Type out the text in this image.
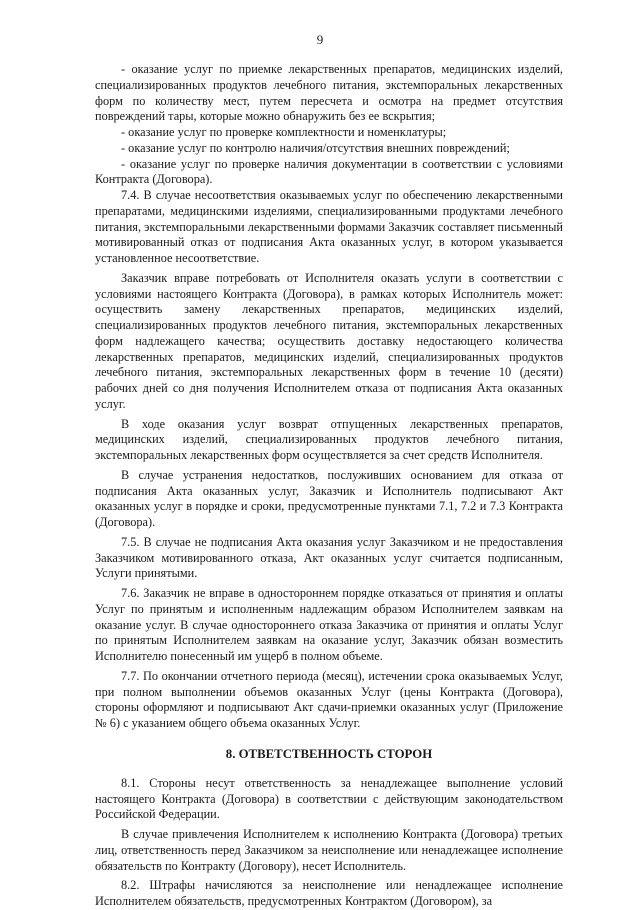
9

- оказание услуг по приемке лекарственных препаратов, медицинских изделий, специализированных продуктов лечебного питания, экстемпоральных лекарственных форм по количеству мест, путем пересчета и осмотра на предмет отсутствия повреждений тары, которые можно обнаружить без ее вскрытия;

- оказание услуг по проверке комплектности и номенклатуры;

- оказание услуг по контролю наличия/отсутствия внешних повреждений;

- оказание услуг по проверке наличия документации в соответствии с условиями Контракта (Договора).

7.4. В случае несоответствия оказываемых услуг по обеспечению лекарственными препаратами, медицинскими изделиями, специализированными продуктами лечебного питания, экстемпоральными лекарственными формами Заказчик составляет письменный мотивированный отказ от подписания Акта оказанных услуг, в котором указывается установленное несоответствие.

Заказчик вправе потребовать от Исполнителя оказать услуги в соответствии с условиями настоящего Контракта (Договора), в рамках которых Исполнитель может: осуществить замену лекарственных препаратов, медицинских изделий, специализированных продуктов лечебного питания, экстемпоральных лекарственных форм надлежащего качества; осуществить доставку недостающего количества лекарственных препаратов, медицинских изделий, специализированных продуктов лечебного питания, экстемпоральных лекарственных форм в течение 10 (десяти) рабочих дней со дня получения Исполнителем отказа от подписания Акта оказанных услуг.

В ходе оказания услуг возврат отпущенных лекарственных препаратов, медицинских изделий, специализированных продуктов лечебного питания, экстемпоральных лекарственных форм осуществляется за счет средств Исполнителя.

В случае устранения недостатков, послуживших основанием для отказа от подписания Акта оказанных услуг, Заказчик и Исполнитель подписывают Акт оказанных услуг в порядке и сроки, предусмотренные пунктами 7.1, 7.2 и 7.3 Контракта (Договора).

7.5. В случае не подписания Акта оказания услуг Заказчиком и не предоставления Заказчиком мотивированного отказа, Акт оказанных услуг считается подписанным, Услуги принятыми.

7.6. Заказчик не вправе в одностороннем порядке отказаться от принятия и оплаты Услуг по принятым и исполненным надлежащим образом Исполнителем заявкам на оказание услуг. В случае одностороннего отказа Заказчика от принятия и оплаты Услуг по принятым Исполнителем заявкам на оказание услуг, Заказчик обязан возместить Исполнителю понесенный им ущерб в полном объеме.

7.7. По окончании отчетного периода (месяц), истечении срока оказываемых Услуг, при полном выполнении объемов оказанных Услуг (цены Контракта (Договора), стороны оформляют и подписывают Акт сдачи-приемки оказанных услуг (Приложение № 6) с указанием общего объема оказанных Услуг.

8. ОТВЕТСТВЕННОСТЬ СТОРОН

8.1. Стороны несут ответственность за ненадлежащее выполнение условий настоящего Контракта (Договора) в соответствии с действующим законодательством Российской Федерации.

В случае привлечения Исполнителем к исполнению Контракта (Договора) третьих лиц, ответственность перед Заказчиком за неисполнение или ненадлежащее исполнение обязательств по Контракту (Договору), несет Исполнитель.

8.2. Штрафы начисляются за неисполнение или ненадлежащее исполнение Исполнителем обязательств, предусмотренных Контрактом (Договором), за
